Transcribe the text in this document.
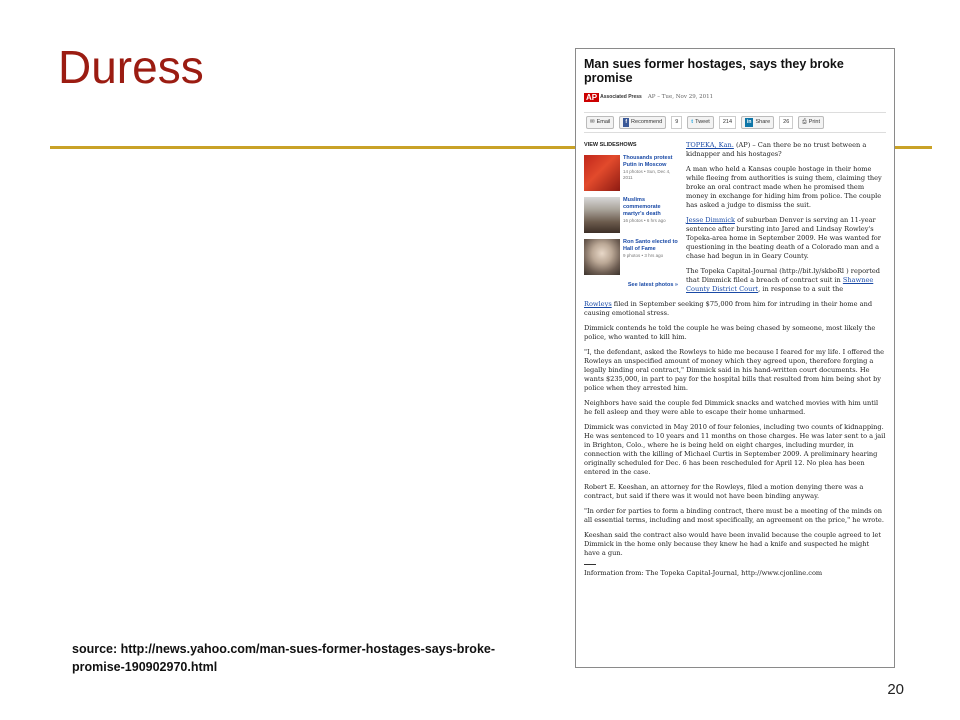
Duress	Man sues former hostages, says they broke promise
AP Associated Press AP – Tue, Nov 29, 2011
✉ Email	f Recommend	9	t Tweet	214	in Share	26	⎙ Print
VIEW SLIDESHOWS
Thousands protest Putin in Moscow
14 photos • Sun, Dec 4, 2011
Muslims commemorate martyr's death
16 photos • 6 hrs ago
Ron Santo elected to Hall of Fame
9 photos • 3 hrs ago
See latest photos »

TOPEKA, Kan. (AP) – Can there be no trust between a kidnapper and his hostages?

A man who held a Kansas couple hostage in their home while fleeing from authorities is suing them, claiming they broke an oral contract made when he promised them money in exchange for hiding him from police. The couple has asked a judge to dismiss the suit.

Jesse Dimmick of suburban Denver is serving an 11-year sentence after bursting into Jared and Lindsay Rowley's Topeka-area home in September 2009. He was wanted for questioning in the beating death of a Colorado man and a chase had begun in in Geary County.

The Topeka Capital-Journal (http://bit.ly/skboRl ) reported that Dimmick filed a breach of contract suit in Shawnee County District Court, in response to a suit the

Rowleys filed in September seeking $75,000 from him for intruding in their home and causing emotional stress.

Dimmick contends he told the couple he was being chased by someone, most likely the police, who wanted to kill him.

"I, the defendant, asked the Rowleys to hide me because I feared for my life. I offered the Rowleys an unspecified amount of money which they agreed upon, therefore forging a legally binding oral contract," Dimmick said in his hand-written court documents. He wants $235,000, in part to pay for the hospital bills that resulted from him being shot by police when they arrested him.

Neighbors have said the couple fed Dimmick snacks and watched movies with him until he fell asleep and they were able to escape their home unharmed.

Dimmick was convicted in May 2010 of four felonies, including two counts of kidnapping. He was sentenced to 10 years and 11 months on those charges. He was later sent to a jail in Brighton, Colo., where he is being held on eight charges, including murder, in connection with the killing of Michael Curtis in September 2009. A preliminary hearing originally scheduled for Dec. 6 has been rescheduled for April 12. No plea has been entered in the case.

Robert E. Keeshan, an attorney for the Rowleys, filed a motion denying there was a contract, but said if there was it would not have been binding anyway.

"In order for parties to form a binding contract, there must be a meeting of the minds on all essential terms, including and most specifically, an agreement on the price," he wrote.

Keeshan said the contract also would have been invalid because the couple agreed to let Dimmick in the home only because they knew he had a knife and suspected he might have a gun.

Information from: The Topeka Capital-Journal, http://www.cjonline.com

source: http://news.yahoo.com/man-sues-former-hostages-says-broke-promise-190902970.html
20
